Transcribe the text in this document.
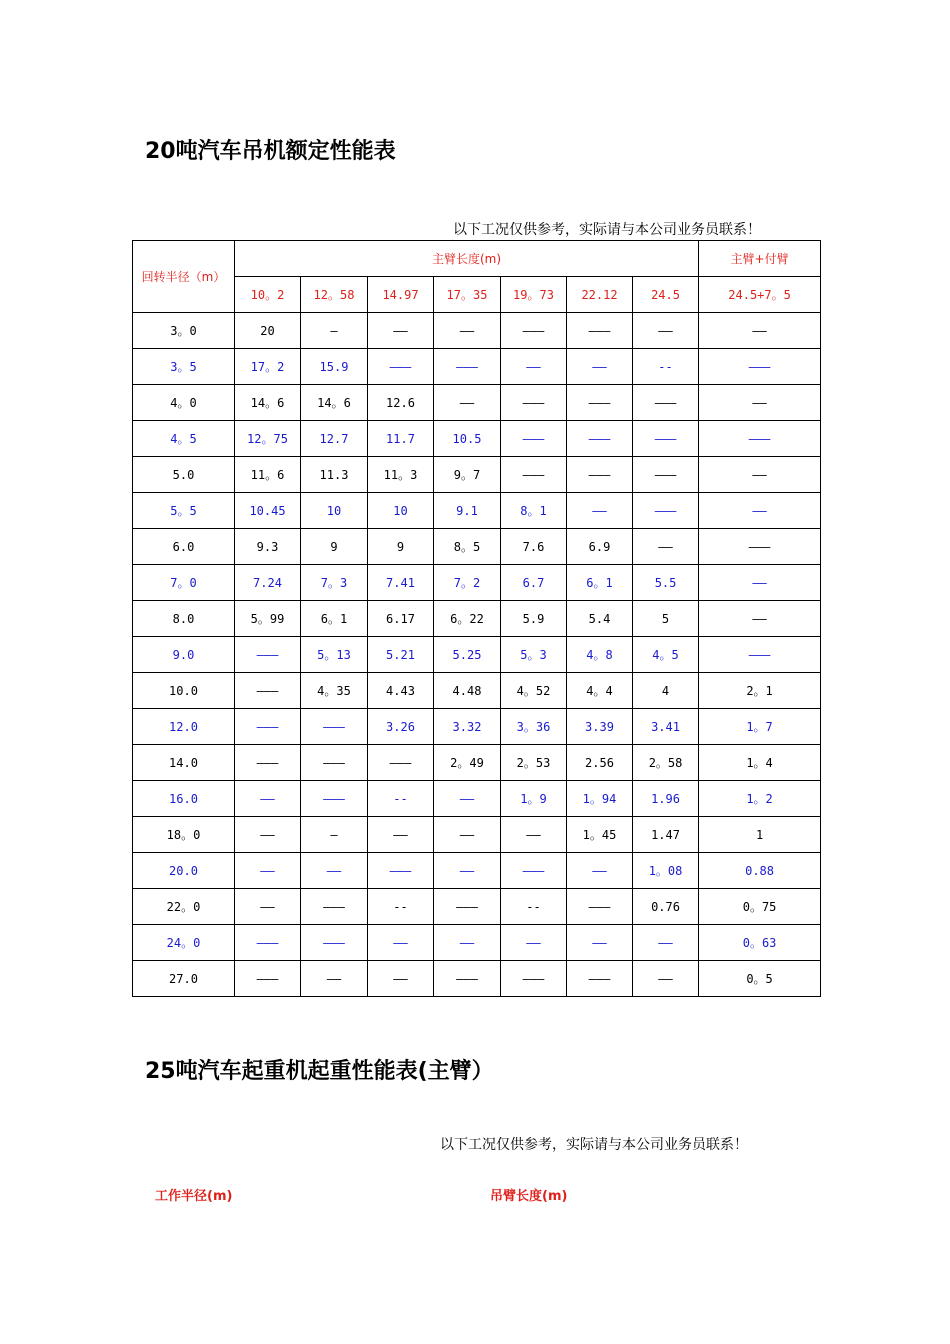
20吨汽车吊机额定性能表
以下工况仅供参考，实际请与本公司业务员联系！
回转半径（m）	主臂长度(m)							主臂+付臂
	10。2	12。58	14.97	17。35	19。73	22.12	24.5	24.5+7。5
3。0	20	—	——	——	———	———	——	——
3。5	17。2	15.9	———	———	——	——	--	———
4。0	14。6	14。6	12.6	——	———	———	———	——
4。5	12。75	12.7	11.7	10.5	———	———	———	———
5.0	11。6	11.3	11。3	9。7	———	———	———	——
5。5	10.45	10	10	9.1	8。1	——	———	——
6.0	9.3	9	9	8。5	7.6	6.9	——	———
7。0	7.24	7。3	7.41	7。2	6.7	6。1	5.5	——
8.0	5。99	6。1	6.17	6。22	5.9	5.4	5	——
9.0	———	5。13	5.21	5.25	5。3	4。8	4。5	———
10.0	———	4。35	4.43	4.48	4。52	4。4	4	2。1
12.0	———	———	3.26	3.32	3。36	3.39	3.41	1。7
14.0	———	———	———	2。49	2。53	2.56	2。58	1。4
16.0	——	———	--	——	1。9	1。94	1.96	1。2
18。0	——	—	——	——	——	1。45	1.47	1
20.0	——	——	———	——	———	——	1。08	0.88
22。0	——	———	--	———	--	———	0.76	0。75
24。0	———	———	——	——	——	——	——	0。63
27.0	———	——	——	———	———	———	——	0。5
25吨汽车起重机起重性能表(主臂）
以下工况仅供参考，实际请与本公司业务员联系！
工作半径(m)	吊臂长度(m)
